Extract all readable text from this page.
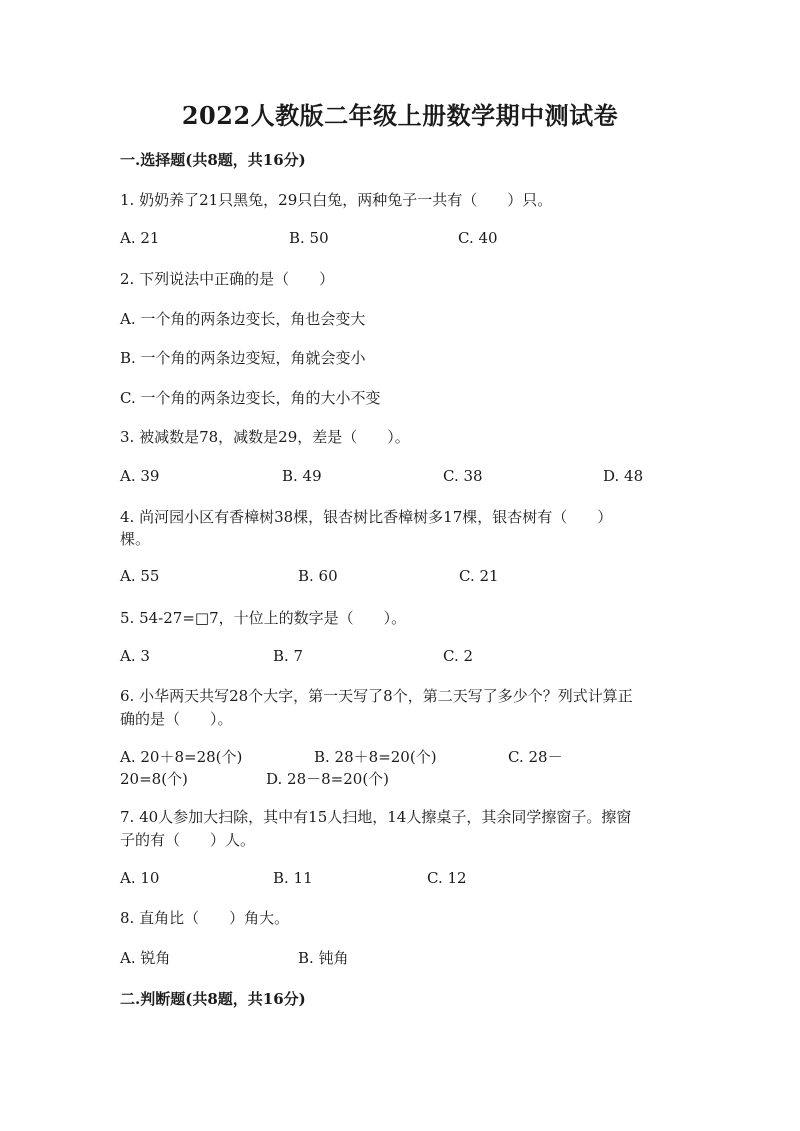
2022人教版二年级上册数学期中测试卷
一.选择题(共8题，共16分)
1. 奶奶养了21只黑兔，29只白兔，两种兔子一共有（　　）只。
A. 21	B. 50	C. 40
2. 下列说法中正确的是（　　）
A. 一个角的两条边变长，角也会变大
B. 一个角的两条边变短，角就会变小
C. 一个角的两条边变长，角的大小不变
3. 被减数是78，减数是29，差是（　　）。
A. 39	B. 49	C. 38	D. 48
4. 尚河园小区有香樟树38棵，银杏树比香樟树多17棵，银杏树有（　　）
棵。
A. 55	B. 60	C. 21
5. 54-27=□7，十位上的数字是（　　）。
A. 3	B. 7	C. 2
6. 小华两天共写28个大字，第一天写了8个，第二天写了多少个？列式计算正
确的是（　　）。
A. 20＋8=28(个)	B. 28＋8=20(个)	C. 28－
20=8(个)	D. 28－8=20(个)
7. 40人参加大扫除，其中有15人扫地，14人擦桌子，其余同学擦窗子。擦窗
子的有（　　）人。
A. 10	B. 11	C. 12
8. 直角比（　　）角大。
A. 锐角	B. 钝角
二.判断题(共8题，共16分)
